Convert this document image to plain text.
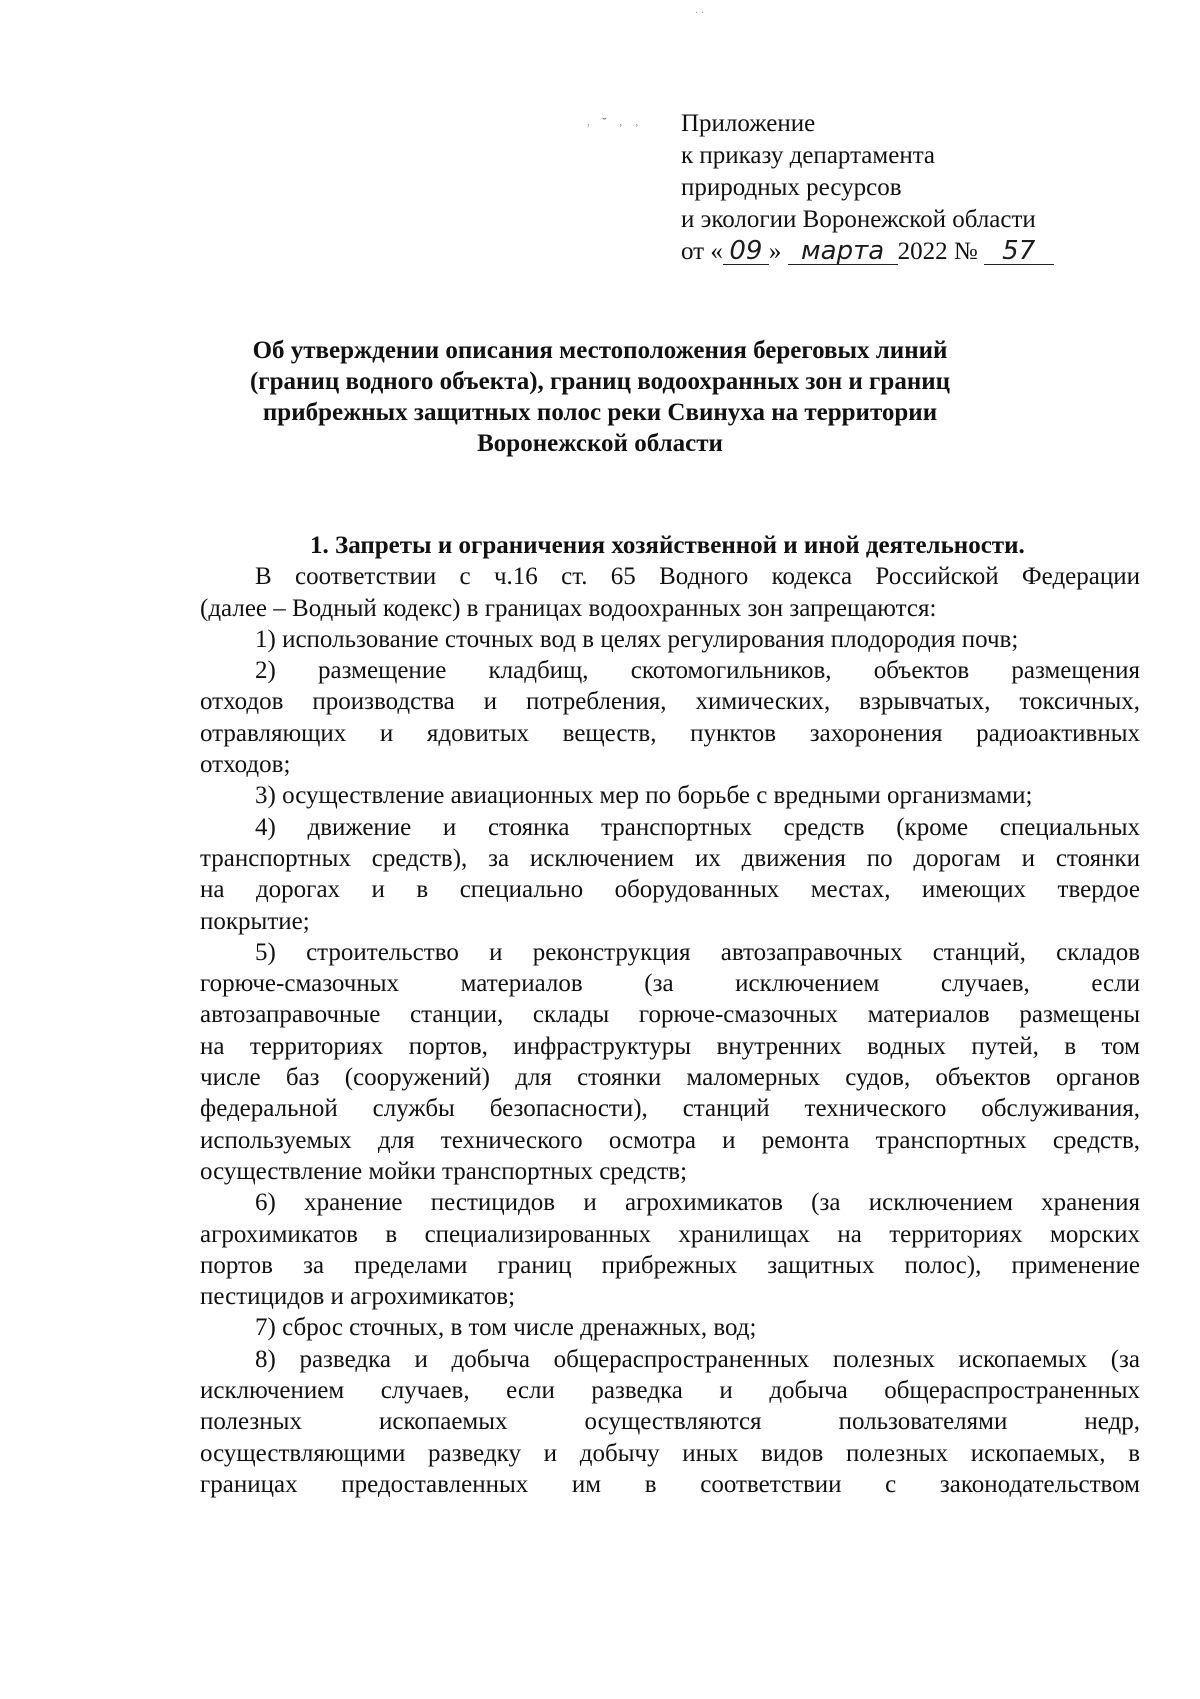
· ·
˒ ˘ ˒ ˒ Приложение
к приказу департамента
природных ресурсов
и экологии Воронежской области
от « 09 » марта 2022 № 57
Об утверждении описания местоположения береговых линий
(границ водного объекта), границ водоохранных зон и границ
прибрежных защитных полос реки Свинуха на территории
Воронежской области

1. Запреты и ограничения хозяйственной и иной деятельности.

В соответствии с ч.16 ст. 65 Водного кодекса Российской Федерации
(далее – Водный кодекс) в границах водоохранных зон запрещаются:
1) использование сточных вод в целях регулирования плодородия почв;
2) размещение кладбищ, скотомогильников, объектов размещения
отходов производства и потребления, химических, взрывчатых, токсичных,
отравляющих и ядовитых веществ, пунктов захоронения радиоактивных
отходов;
3) осуществление авиационных мер по борьбе с вредными организмами;
4) движение и стоянка транспортных средств (кроме специальных
транспортных средств), за исключением их движения по дорогам и стоянки
на дорогах и в специально оборудованных местах, имеющих твердое
покрытие;
5) строительство и реконструкция автозаправочных станций, складов
горюче-смазочных материалов (за исключением случаев, если
автозаправочные станции, склады горюче-смазочных материалов размещены
на территориях портов, инфраструктуры внутренних водных путей, в том
числе баз (сооружений) для стоянки маломерных судов, объектов органов
федеральной службы безопасности), станций технического обслуживания,
используемых для технического осмотра и ремонта транспортных средств,
осуществление мойки транспортных средств;
6) хранение пестицидов и агрохимикатов (за исключением хранения
агрохимикатов в специализированных хранилищах на территориях морских
портов за пределами границ прибрежных защитных полос), применение
пестицидов и агрохимикатов;
7) сброс сточных, в том числе дренажных, вод;
8) разведка и добыча общераспространенных полезных ископаемых (за
исключением случаев, если разведка и добыча общераспространенных
полезных ископаемых осуществляются пользователями недр,
осуществляющими разведку и добычу иных видов полезных ископаемых, в
границах предоставленных им в соответствии с законодательством
